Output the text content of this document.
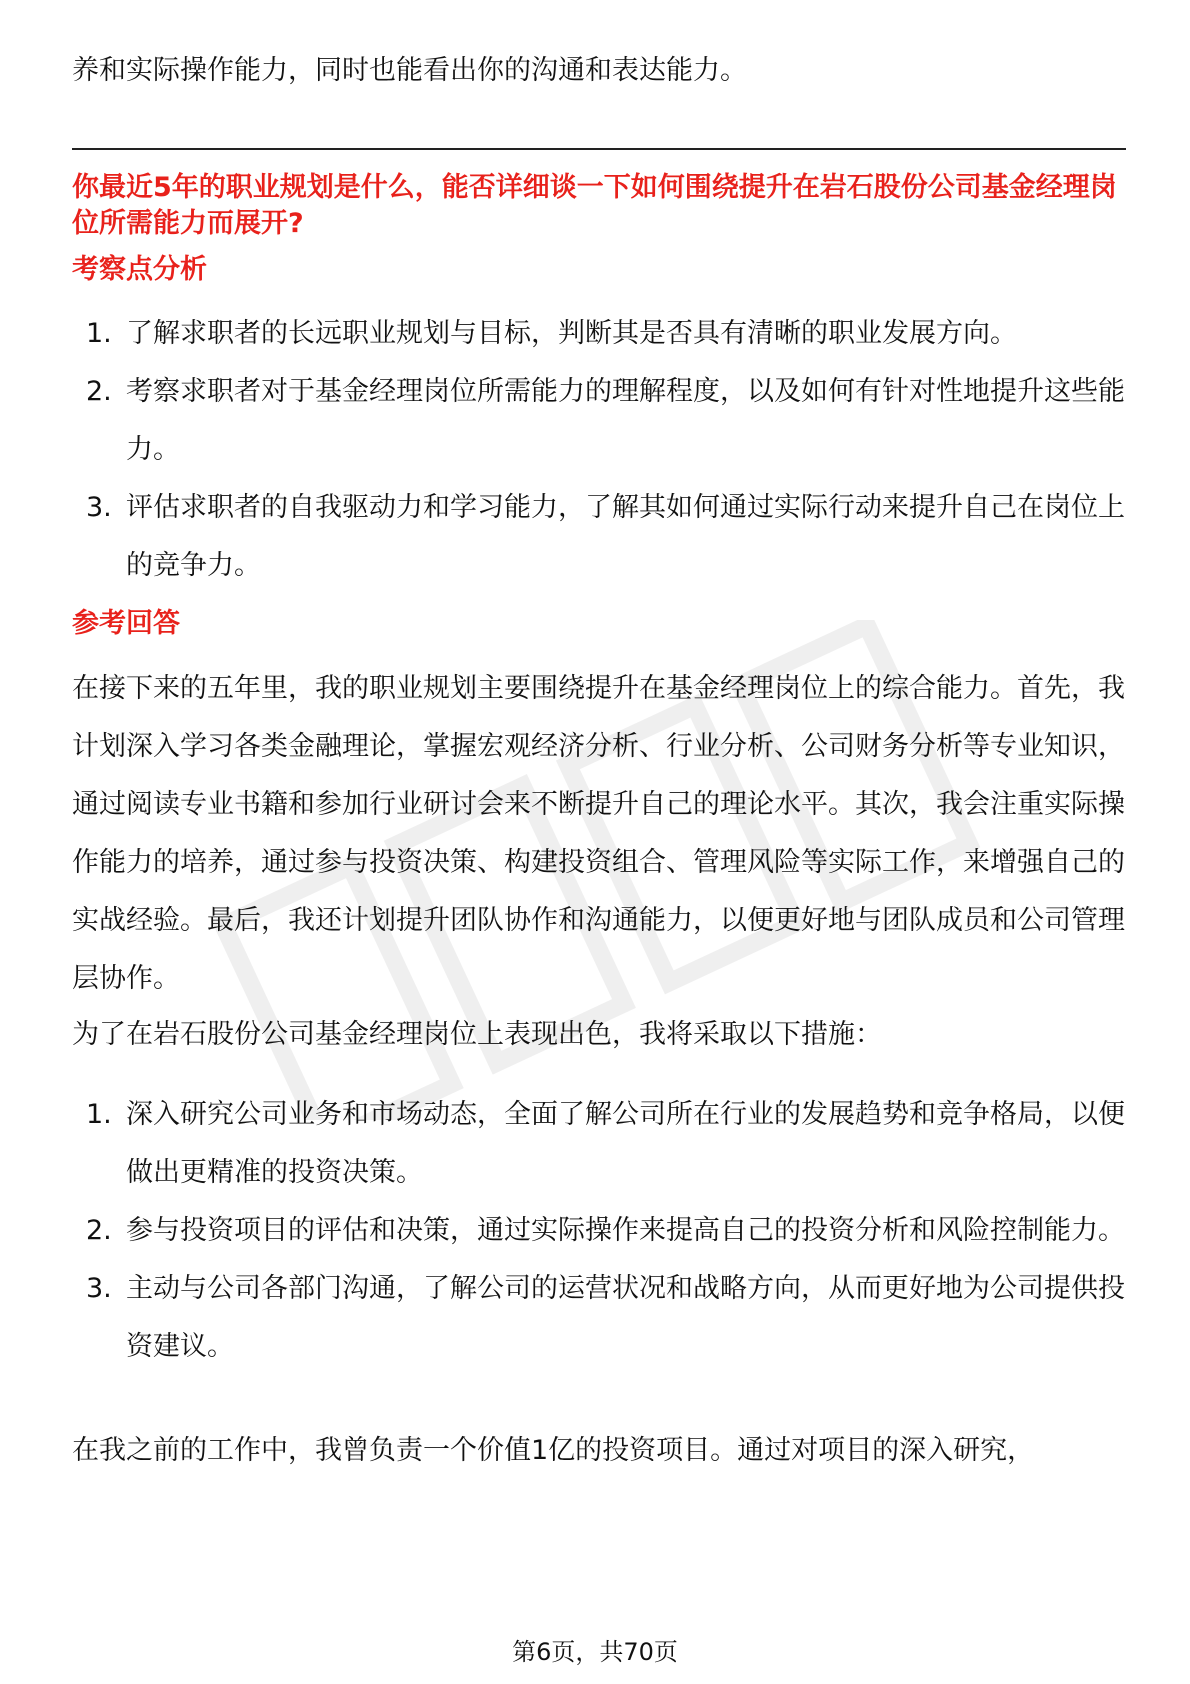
养和实际操作能力，同时也能看出你的沟通和表达能力。

你最近5年的职业规划是什么，能否详细谈一下如何围绕提升在岩石股份公司基金经理岗位所需能力而展开?

考察点分析

1. 了解求职者的长远职业规划与目标，判断其是否具有清晰的职业发展方向。
2. 考察求职者对于基金经理岗位所需能力的理解程度，以及如何有针对性地提升这些能力。
3. 评估求职者的自我驱动力和学习能力，了解其如何通过实际行动来提升自己在岗位上的竞争力。

参考回答

在接下来的五年里，我的职业规划主要围绕提升在基金经理岗位上的综合能力。首先，我计划深入学习各类金融理论，掌握宏观经济分析、行业分析、公司财务分析等专业知识，通过阅读专业书籍和参加行业研讨会来不断提升自己的理论水平。其次，我会注重实际操作能力的培养，通过参与投资决策、构建投资组合、管理风险等实际工作，来增强自己的实战经验。最后，我还计划提升团队协作和沟通能力，以便更好地与团队成员和公司管理层协作。

为了在岩石股份公司基金经理岗位上表现出色，我将采取以下措施：

1. 深入研究公司业务和市场动态，全面了解公司所在行业的发展趋势和竞争格局，以便做出更精准的投资决策。
2. 参与投资项目的评估和决策，通过实际操作来提高自己的投资分析和风险控制能力。
3. 主动与公司各部门沟通，了解公司的运营状况和战略方向，从而更好地为公司提供投资建议。

在我之前的工作中，我曾负责一个价值1亿的投资项目。通过对项目的深入研究，

第6页，共70页
